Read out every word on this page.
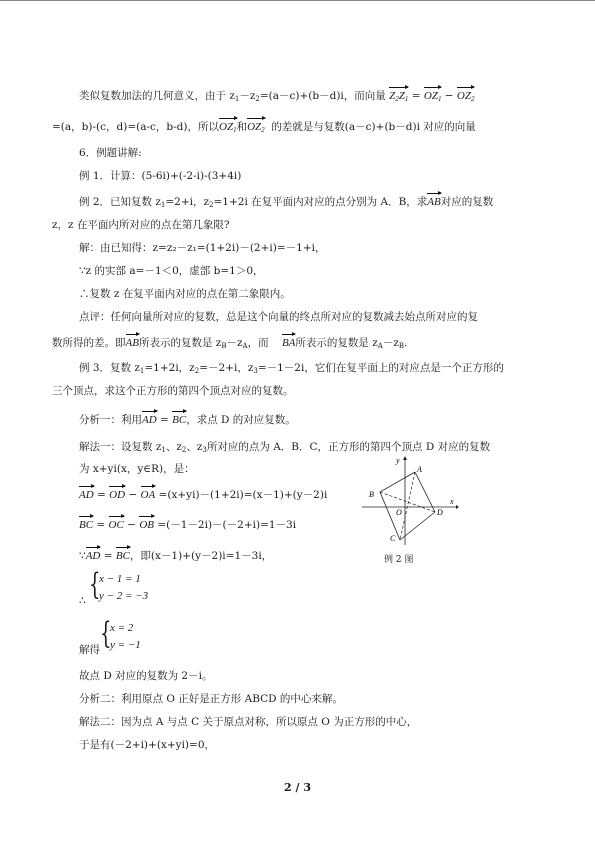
类似复数加法的几何意义，由于 $z_1-z_2=(a-c)+(b-d)i$，而向量 $Z_2Z_1 = OZ_1 - OZ_2$
=(a，b)-(c，d)=(a-c，b-d)，所以$OZ_1$和$OZ_2$ 的差就是与复数(a－c)+(b－d)i 对应的向量
6．例题讲解:
例 1．计算：(5-6i)+(-2-i)-(3+4i)
例 2．已知复数 $z_1=2+i$，$z_2=1+2i$ 在复平面内对应的点分别为 A．B，求AB对应的复数
z，z 在平面内所对应的点在第几象限?
解：由已知得：z=z₂－z₁=(1+2i)－(2+i)=－1+i，
∵z 的实部 a=－1＜0，虚部 b=1＞0，
∴复数 z 在复平面内对应的点在第二象限内。
点评：任何向量所对应的复数，总是这个向量的终点所对应的复数减去始点所对应的复
数所得的差。即AB所表示的复数是 $z_B-z_A$，而 BA所表示的复数是 $z_A-z_B$.
例 3．复数 $z_1=1+2i$，$z_2=-2+i$，$z_3=-1-2i$，它们在复平面上的对应点是一个正方形的
三个顶点，求这个正方形的第四个顶点对应的复数。
分析一：利用AD = BC，求点 D 的对应复数。
解法一：设复数 $z_1$、$z_2$、$z_3$所对应的点为 A．B．C，正方形的第四个顶点 D 对应的复数
为 x+yi(x，y∈R)，是：
AD = OD − OA =(x+yi)－(1+2i)=(x－1)+(y－2)i
BC = OC − OB =(－1－2i)－(－2+i)=1－3i
∵AD = BC，即(x－1)+(y－2)i=1－3i，
∴ {
x − 1 = 1
y − 2 = −3
解得 {
x = 2
y = −1
故点 D 对应的复数为 2－i。
分析二：利用原点 O 正好是正方形 ABCD 的中心来解。
解法二：因为点 A 与点 C 关于原点对称，所以原点 O 为正方形的中心，
于是有(－2+i)+(x+yi)=0，
y
x
A
B
O	D
C
例 2 图
2 / 3
